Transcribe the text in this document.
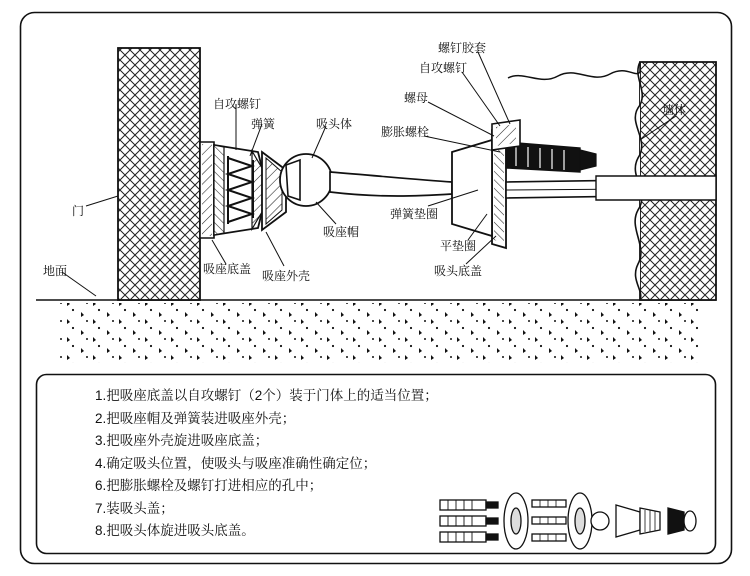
自攻螺钉
弹簧	吸头体
门
地面	吸座底盖 吸座外壳
吸座帽
螺钉胶套
自攻螺钉
螺母
膨胀螺栓
弹簧垫圈
平垫圈
吸头底盖
墙体
1.把吸座底盖以自攻螺钉（2个）装于门体上的适当位置；
2.把吸座帽及弹簧装进吸座外壳；
3.把吸座外壳旋进吸座底盖；
4.确定吸头位置，使吸头与吸座准确性确定位；
6.把膨胀螺栓及螺钉打进相应的孔中；
7.装吸头盖；
8.把吸头体旋进吸头底盖。
